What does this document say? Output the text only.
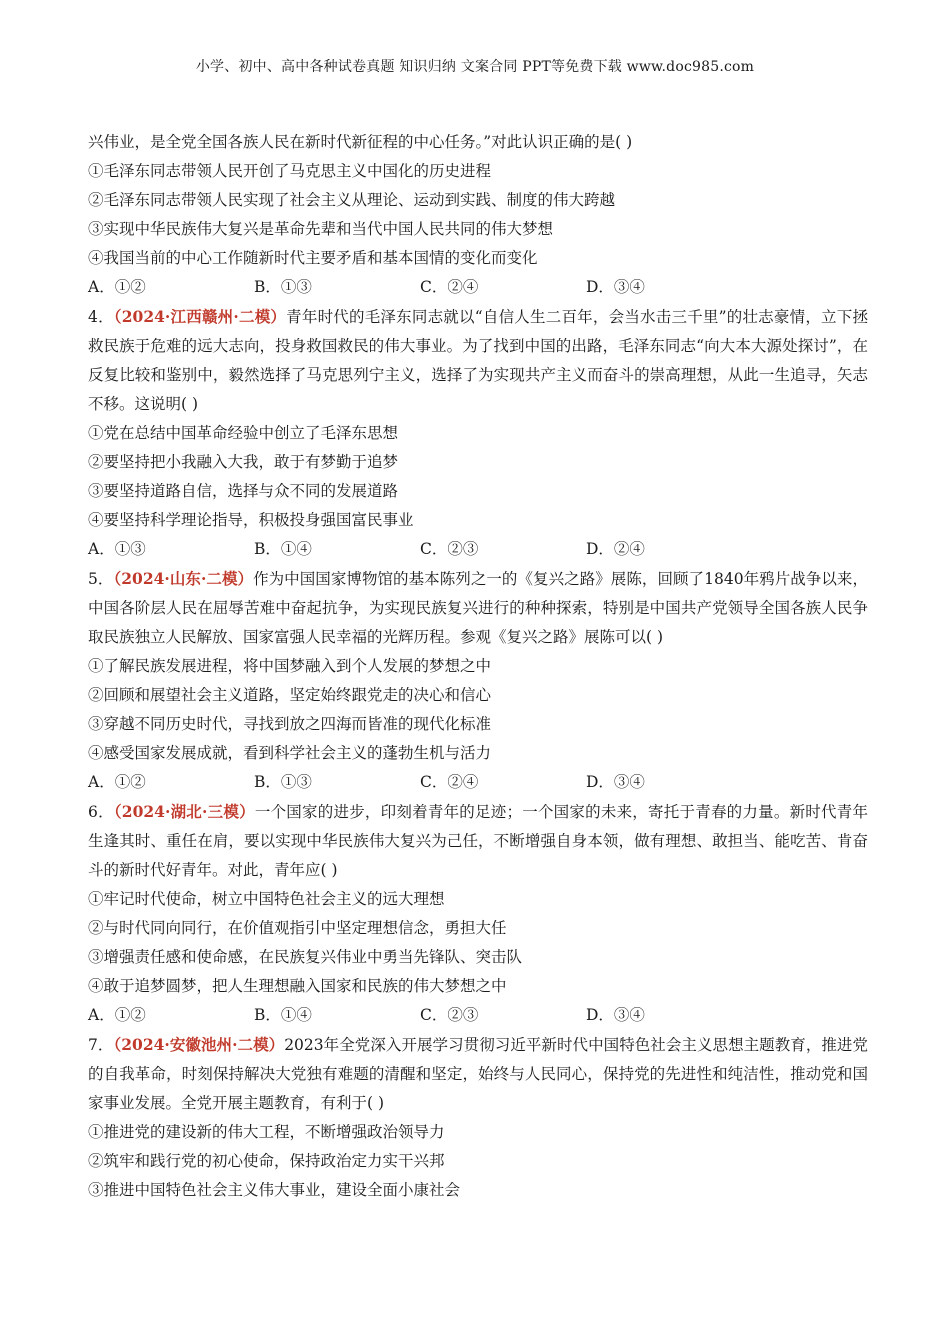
小学、初中、高中各种试卷真题 知识归纳 文案合同 PPT等免费下载 www.doc985.com
兴伟业，是全党全国各族人民在新时代新征程的中心任务。”对此认识正确的是( )
①毛泽东同志带领人民开创了马克思主义中国化的历史进程
②毛泽东同志带领人民实现了社会主义从理论、运动到实践、制度的伟大跨越
③实现中华民族伟大复兴是革命先辈和当代中国人民共同的伟大梦想
④我国当前的中心工作随新时代主要矛盾和基本国情的变化而变化
A．①②	B．①③	C．②④	D．③④
4．（2024·江西赣州·二模）青年时代的毛泽东同志就以“自信人生二百年，会当水击三千里”的壮志豪情，立下拯救民族于危难的远大志向，投身救国救民的伟大事业。为了找到中国的出路，毛泽东同志“向大本大源处探讨”，在反复比较和鉴别中，毅然选择了马克思列宁主义，选择了为实现共产主义而奋斗的崇高理想，从此一生追寻，矢志不移。这说明( )
①党在总结中国革命经验中创立了毛泽东思想
②要坚持把小我融入大我，敢于有梦勤于追梦
③要坚持道路自信，选择与众不同的发展道路
④要坚持科学理论指导，积极投身强国富民事业
A．①③	B．①④	C．②③	D．②④
5．（2024·山东·二模）作为中国国家博物馆的基本陈列之一的《复兴之路》展陈，回顾了1840年鸦片战争以来，中国各阶层人民在屈辱苦难中奋起抗争，为实现民族复兴进行的种种探索，特别是中国共产党领导全国各族人民争取民族独立人民解放、国家富强人民幸福的光辉历程。参观《复兴之路》展陈可以( )
①了解民族发展进程，将中国梦融入到个人发展的梦想之中
②回顾和展望社会主义道路，坚定始终跟党走的决心和信心
③穿越不同历史时代，寻找到放之四海而皆准的现代化标准
④感受国家发展成就，看到科学社会主义的蓬勃生机与活力
A．①②	B．①③	C．②④	D．③④
6．（2024·湖北·三模）一个国家的进步，印刻着青年的足迹；一个国家的未来，寄托于青春的力量。新时代青年生逢其时、重任在肩，要以实现中华民族伟大复兴为己任，不断增强自身本领，做有理想、敢担当、能吃苦、肯奋斗的新时代好青年。对此，青年应( )
①牢记时代使命，树立中国特色社会主义的远大理想
②与时代同向同行，在价值观指引中坚定理想信念，勇担大任
③增强责任感和使命感，在民族复兴伟业中勇当先锋队、突击队
④敢于追梦圆梦，把人生理想融入国家和民族的伟大梦想之中
A．①②	B．①④	C．②③	D．③④
7．（2024·安徽池州·二模）2023年全党深入开展学习贯彻习近平新时代中国特色社会主义思想主题教育，推进党的自我革命，时刻保持解决大党独有难题的清醒和坚定，始终与人民同心，保持党的先进性和纯洁性，推动党和国家事业发展。全党开展主题教育，有利于( )
①推进党的建设新的伟大工程，不断增强政治领导力
②筑牢和践行党的初心使命，保持政治定力实干兴邦
③推进中国特色社会主义伟大事业，建设全面小康社会
